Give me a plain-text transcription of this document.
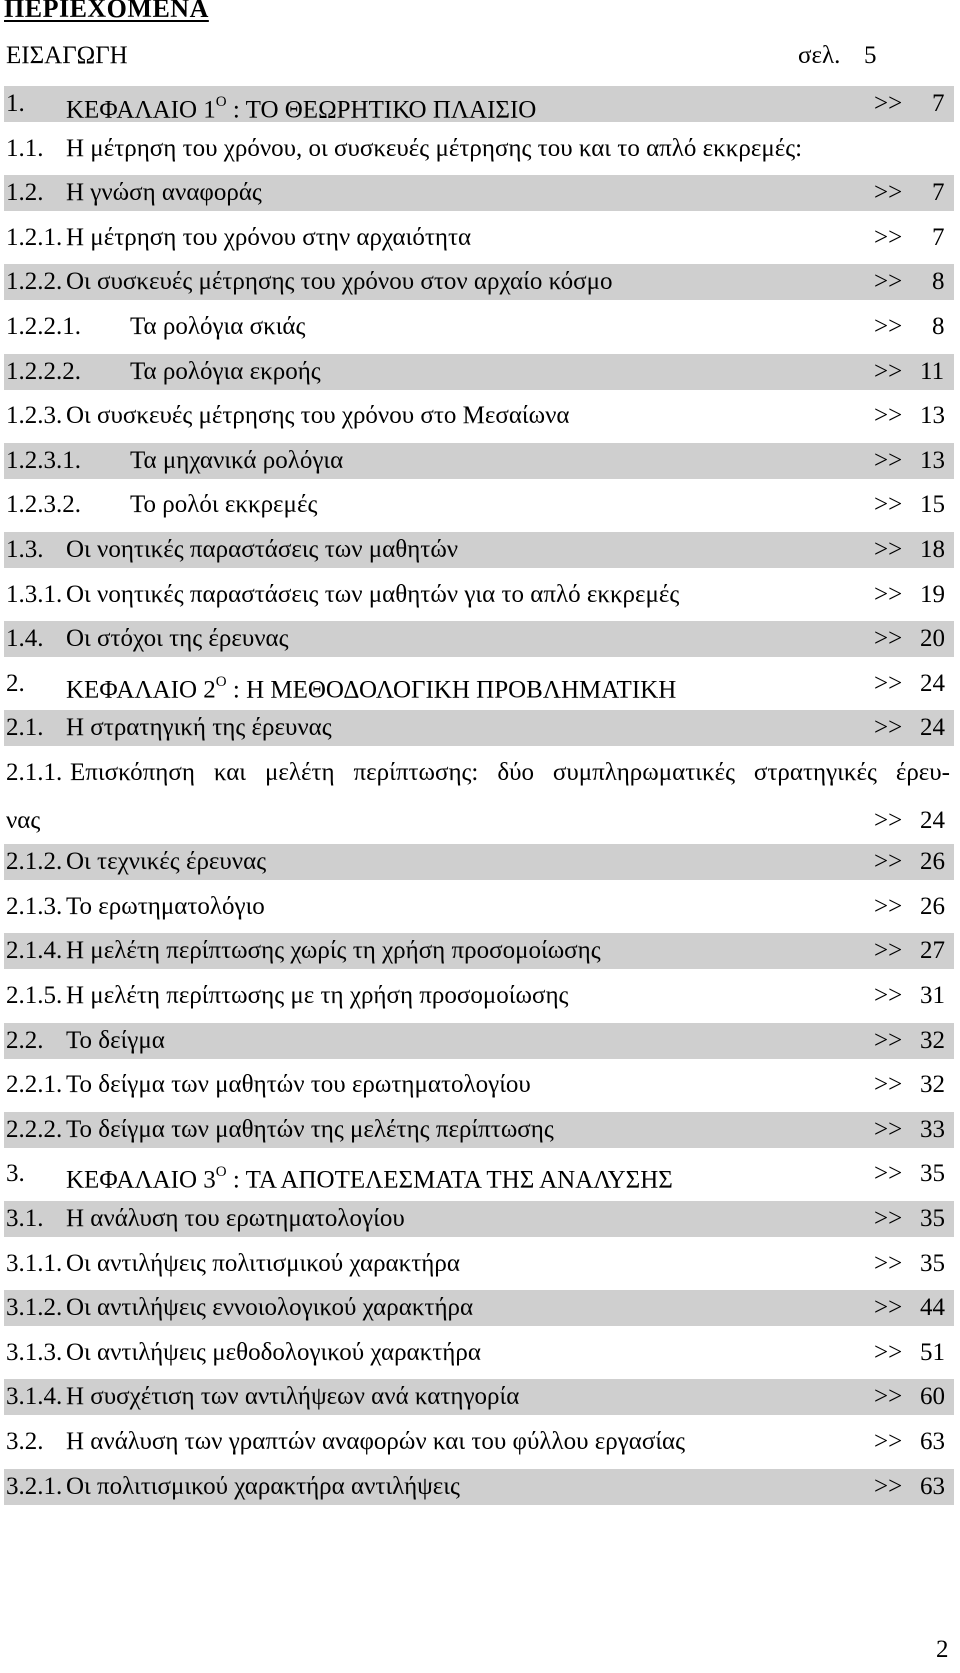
ΠΕΡΙΕΧΟΜΕΝΑ
ΕΙΣΑΓΩΓΗ	σελ. 5
1. ΚΕΦΑΛΑΙΟ $1^O$ : ΤΟ ΘΕΩΡΗΤΙΚΟ ΠΛΑΙΣΙΟ	>> 7
1.1. Η μέτρηση του χρόνου, οι συσκευές μέτρησης του και το απλό εκκρεμές:
1.2. Η γνώση αναφοράς	>> 7
1.2.1. Η μέτρηση του χρόνου στην αρχαιότητα	>> 7
1.2.2. Οι συσκευές μέτρησης του χρόνου στον αρχαίο κόσμο	>> 8
1.2.2.1. Τα ρολόγια σκιάς	>> 8
1.2.2.2. Τα ρολόγια εκροής	>> 11
1.2.3. Οι συσκευές μέτρησης του χρόνου στο Μεσαίωνα	>> 13
1.2.3.1. Τα μηχανικά ρολόγια	>> 13
1.2.3.2. Το ρολόι εκκρεμές	>> 15
1.3. Οι νοητικές παραστάσεις των μαθητών	>> 18
1.3.1. Οι νοητικές παραστάσεις των μαθητών για το απλό εκκρεμές	>> 19
1.4. Οι στόχοι της έρευνας	>> 20
2. ΚΕΦΑΛΑΙΟ $2^O$ : Η ΜΕΘΟΔΟΛΟΓΙΚΗ ΠΡΟΒΛΗΜΑΤΙΚΗ	>> 24
2.1. Η στρατηγική της έρευνας	>> 24
2.1.1. Επισκόπηση και μελέτη περίπτωσης: δύο συμπληρωματικές στρατηγικές έρευ-
νας	>> 24
2.1.2. Οι τεχνικές έρευνας	>> 26
2.1.3. Το ερωτηματολόγιο	>> 26
2.1.4. Η μελέτη περίπτωσης χωρίς τη χρήση προσομοίωσης	>> 27
2.1.5. Η μελέτη περίπτωσης με τη χρήση προσομοίωσης	>> 31
2.2. Το δείγμα	>> 32
2.2.1. Το δείγμα των μαθητών του ερωτηματολογίου	>> 32
2.2.2. Το δείγμα των μαθητών της μελέτης περίπτωσης	>> 33
3. ΚΕΦΑΛΑΙΟ $3^O$ : ΤΑ ΑΠΟΤΕΛΕΣΜΑΤΑ ΤΗΣ ΑΝΑΛΥΣΗΣ	>> 35
3.1. Η ανάλυση του ερωτηματολογίου	>> 35
3.1.1. Οι αντιλήψεις πολιτισμικού χαρακτήρα	>> 35
3.1.2. Οι αντιλήψεις εννοιολογικού χαρακτήρα	>> 44
3.1.3. Οι αντιλήψεις μεθοδολογικού χαρακτήρα	>> 51
3.1.4. Η συσχέτιση των αντιλήψεων ανά κατηγορία	>> 60
3.2. Η ανάλυση των γραπτών αναφορών και του φύλλου εργασίας	>> 63
3.2.1. Οι πολιτισμικού χαρακτήρα αντιλήψεις	>> 63
2
